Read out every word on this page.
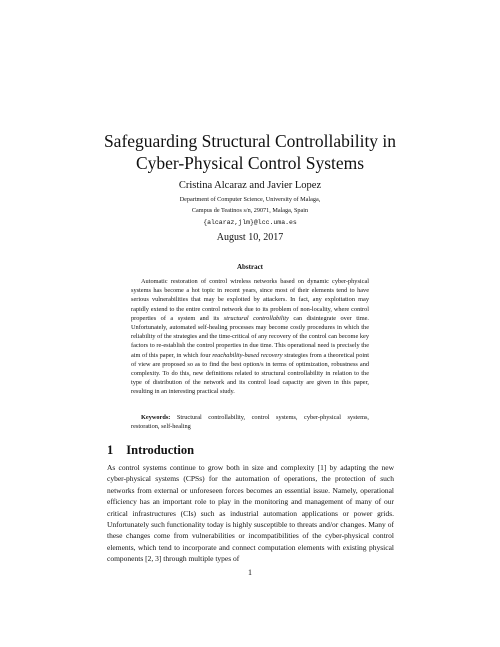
Safeguarding Structural Controllability in
Cyber-Physical Control Systems
Cristina Alcaraz and Javier Lopez
Department of Computer Science, University of Malaga,
Campus de Teatinos s/n, 29071, Malaga, Spain
{alcaraz,jlm}@lcc.uma.es
August 10, 2017
Abstract

Automatic restoration of control wireless networks based on dynamic cyber-physical systems has become a hot topic in recent years, since most of their elements tend to have serious vulnerabilities that may be exploited by attackers. In fact, any exploitation may rapidly extend to the entire control network due to its problem of non-locality, where control properties of a system and its structural controllability can disintegrate over time. Unfortunately, automated self-healing processes may become costly procedures in which the reliability of the strategies and the time-critical of any recovery of the control can become key factors to re-establish the control properties in due time. This operational need is precisely the aim of this paper, in which four reachability-based recovery strategies from a theoretical point of view are proposed so as to find the best option/s in terms of optimization, robustness and complexity. To do this, new definitions related to structural controllability in relation to the type of distribution of the network and its control load capacity are given in this paper, resulting in an interesting practical study.

Keywords: Structural controllability, control systems, cyber-physical systems, restoration, self-healing

1 Introduction

As control systems continue to grow both in size and complexity [1] by adapting the new cyber-physical systems (CPSs) for the automation of operations, the protection of such networks from external or unforeseen forces becomes an essential issue. Namely, operational efficiency has an important role to play in the monitoring and management of many of our critical infrastructures (CIs) such as industrial automation applications or power grids. Unfortunately such functionality today is highly susceptible to threats and/or changes. Many of these changes come from vulnerabilities or incompatibilities of the cyber-physical control elements, which tend to incorporate and connect computation elements with existing physical components [2, 3] through multiple types of

1
